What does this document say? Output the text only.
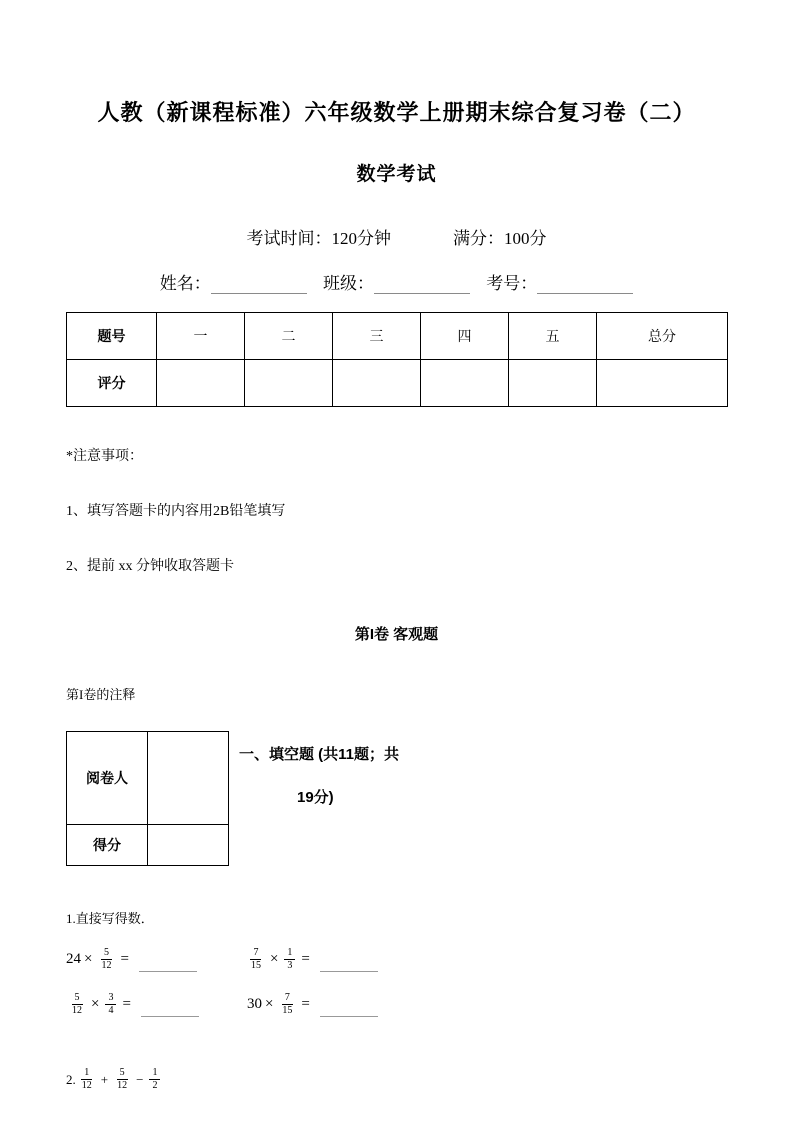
人教（新课程标准）六年级数学上册期末综合复习卷（二）
数学考试
考试时间：120分钟	满分：100分
姓名：	班级：	考号：
题号	一	二	三	四	五	总分
评分						
*注意事项：
1、填写答题卡的内容用2B铅笔填写
2、提前 xx 分钟收取答题卡
第I卷 客观题
第I卷的注释
阅卷人	
得分	
一、填空题 (共11题；共
19分)
1.直接写得数．
$24 \times \frac{5}{12}$ =	$\frac{7}{15} \times \frac{1}{3}$ =
$\frac{5}{12} \times \frac{3}{4}$ =	$30 \times \frac{7}{15}$ =
2. $\frac{1}{12} + \frac{5}{12} - \frac{1}{2}$
